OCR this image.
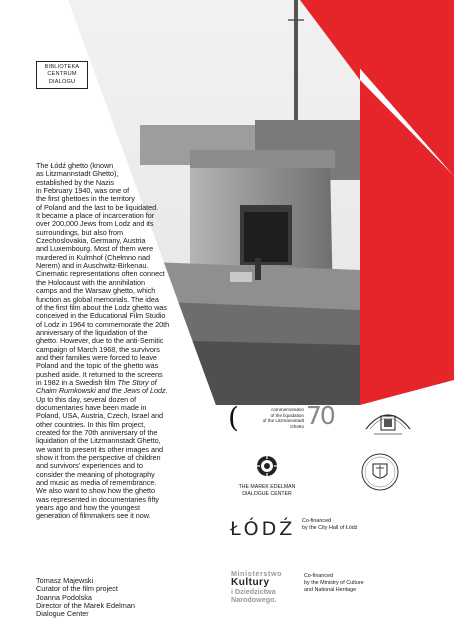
BIBLIOTEKA
CENTRUM
DIALOGU

The Łódź ghetto (known
as Litzmannstadt Ghetto),
established by the Nazis
in February 1940, was one of
the first ghettoes in the territory
of Poland and the last to be liquidated.
It became a place of incarceration for
over 200,000 Jews from Lodz and its
surroundings, but also from
Czechoslovakia, Germany, Austria
and Luxembourg. Most of them were
murdered in Kulmhof (Chełmno nad
Nerem) and in Auschwitz-Birkenau.
Cinematic representations often connect
the Holocaust with the annihilation
camps and the Warsaw ghetto, which
function as global memorials. The idea
of the first film about the Lodz ghetto was
conceived in the Educational Film Studio
of Lodz in 1964 to commemorate the 20th
anniversary of the liquidation of the
ghetto. However, due to the anti-Semitic
campaign of March 1968, the survivors
and their families were forced to leave
Poland and the topic of the ghetto was
pushed aside. It returned to the screens
in 1982 in a Swedish film The Story of
Chaim Rumkowski and the Jews of Lodz.
Up to this day, several dozen of
documentaries have been made in
Poland, USA, Austria, Czech, Israel and
other countries. In this film project,
created for the 70th anniversary of the
liquidation of the Litzmannstadt Ghetto,
we want to present its other images and
show it from the perspective of children
and survivors' experiences and to
consider the meaning of photography
and music as media of remembrance.
We also want to show how the ghetto
was represented in documentaries fifty
years ago and how the youngest
generation of filmmakers see it now.

Tomasz Majewski
Curator of the film project
Joanna Podolska
Director of the Marek Edelman
Dialogue Center
(	commemoration
of the liquidation
of the Litzmannstadt
Ghetto 70
THE MAREK EDELMAN
DIALOGUE CENTER
ŁÓDŹ Co-financed
by the City Hall of Łódź
Ministerstwo
Kultury
i Dziedzictwa
Narodowego.
Co-financed
by the Ministry of Culture
and National Heritage
